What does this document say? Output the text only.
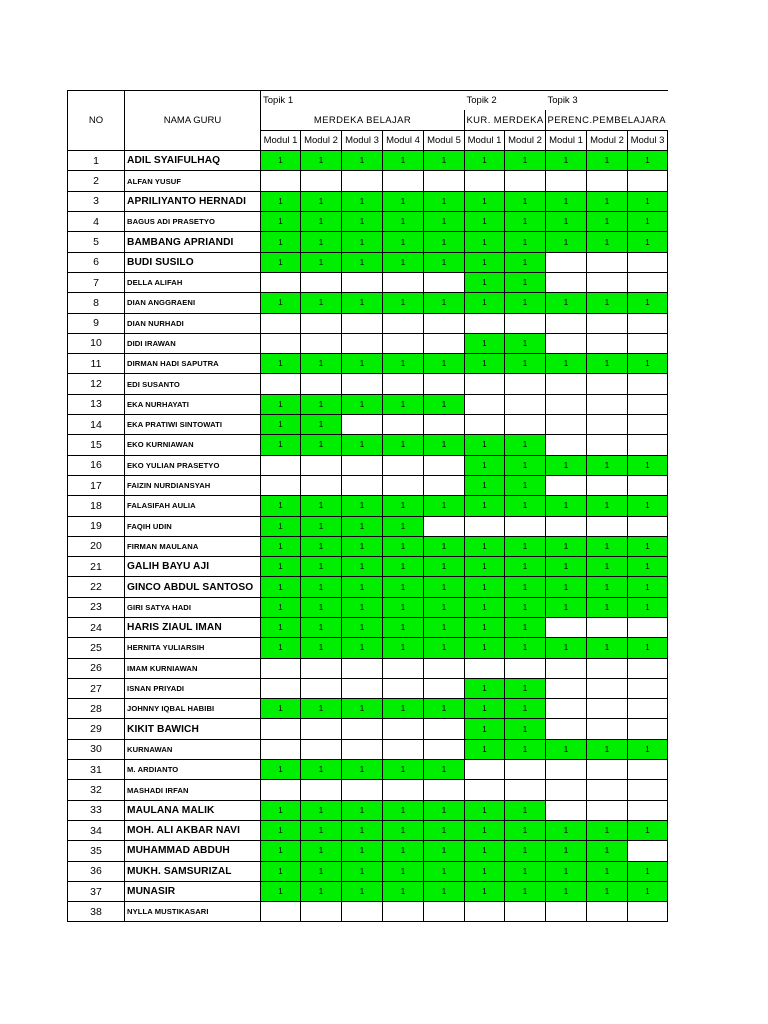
NO	NAMA GURU	Topik 1					Topik 2		Topik 3		
		MERDEKA BELAJAR					KUR. MERDEKA		PERENC.PEMBELAJARA		
		Modul 1	Modul 2	Modul 3	Modul 4	Modul 5	Modul 1	Modul 2	Modul 1	Modul 2	Modul 3
1	ADIL SYAIFULHAQ	1	1	1	1	1	1	1	1	1	1
2	ALFAN YUSUF										
3	APRILIYANTO HERNADI	1	1	1	1	1	1	1	1	1	1
4	BAGUS ADI PRASETYO	1	1	1	1	1	1	1	1	1	1
5	BAMBANG APRIANDI	1	1	1	1	1	1	1	1	1	1
6	BUDI SUSILO	1	1	1	1	1	1	1			
7	DELLA ALIFAH						1	1			
8	DIAN ANGGRAENI	1	1	1	1	1	1	1	1	1	1
9	DIAN NURHADI										
10	DIDI IRAWAN						1	1			
11	DIRMAN HADI SAPUTRA	1	1	1	1	1	1	1	1	1	1
12	EDI SUSANTO										
13	EKA NURHAYATI	1	1	1	1	1					
14	EKA PRATIWI SINTOWATI	1	1								
15	EKO KURNIAWAN	1	1	1	1	1	1	1			
16	EKO YULIAN PRASETYO						1	1	1	1	1
17	FAIZIN NURDIANSYAH						1	1			
18	FALASIFAH AULIA	1	1	1	1	1	1	1	1	1	1
19	FAQIH UDIN	1	1	1	1						
20	FIRMAN MAULANA	1	1	1	1	1	1	1	1	1	1
21	GALIH BAYU AJI	1	1	1	1	1	1	1	1	1	1
22	GINCO ABDUL SANTOSO	1	1	1	1	1	1	1	1	1	1
23	GIRI SATYA HADI	1	1	1	1	1	1	1	1	1	1
24	HARIS ZIAUL IMAN	1	1	1	1	1	1	1			
25	HERNITA YULIARSIH	1	1	1	1	1	1	1	1	1	1
26	IMAM KURNIAWAN										
27	ISNAN PRIYADI						1	1			
28	JOHNNY IQBAL HABIBI	1	1	1	1	1	1	1			
29	KIKIT BAWICH						1	1			
30	KURNAWAN						1	1	1	1	1
31	M. ARDIANTO	1	1	1	1	1					
32	MASHADI IRFAN										
33	MAULANA MALIK	1	1	1	1	1	1	1			
34	MOH. ALI AKBAR NAVI	1	1	1	1	1	1	1	1	1	1
35	MUHAMMAD ABDUH	1	1	1	1	1	1	1	1	1	
36	MUKH. SAMSURIZAL	1	1	1	1	1	1	1	1	1	1
37	MUNASIR	1	1	1	1	1	1	1	1	1	1
38	NYLLA MUSTIKASARI										
